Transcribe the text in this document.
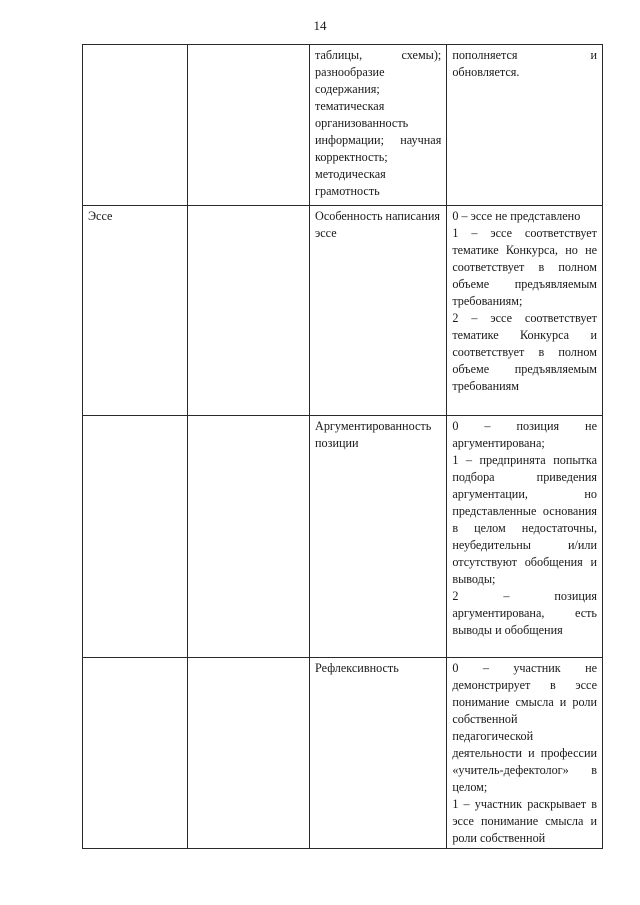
14
		таблицы, схемы); разнообразие содержания; тематическая организованность информации; научная корректность; методическая грамотность	пополняется и обновляется.
Эссе		Особенность написания эссе	0 – эссе не представлено
1 – эссе соответствует тематике Конкурса, но не соответствует в полном объеме предъявляемым требованиям;
2 – эссе соответствует тематике Конкурса и соответствует в полном объеме предъявляемым требованиям

		Аргументированность позиции	0 – позиция не аргументирована;
1 – предпринята попытка подбора приведения аргументации, но представленные основания в целом недостаточны, неубедительны и/или отсутствуют обобщения и выводы;
2 – позиция аргументирована, есть выводы и обобщения

		Рефлексивность	0 – участник не демонстрирует в эссе понимание смысла и роли собственной педагогической деятельности и профессии «учитель-дефектолог» в целом;
1 – участник раскрывает в эссе понимание смысла и роли собственной
